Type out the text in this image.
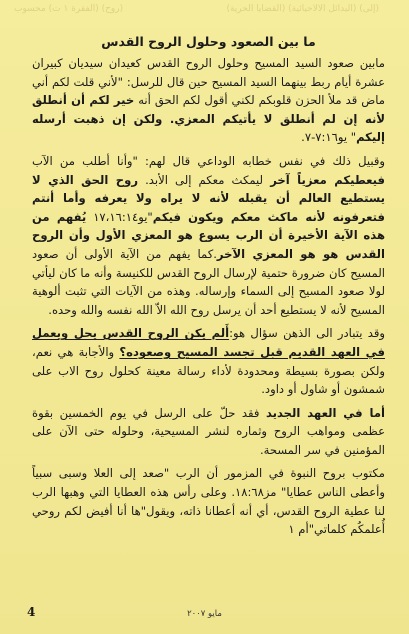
(روح) (الفقرة ١ ت) محسوب	(إلى) (البدائل الالاحيائية) (القضايا الحرية)
ما بين الصعود وحلول الروح القدس

مابين صعود السيد المسيح وحلول الروح القدس كعيدان سيديان كبيران عشرة أيام ربط بينهما السيد المسيح حين قال للرسل: "لأني قلت لكم أني ماض قد ملأ الحزن قلوبكم لكني أقول لكم الحق أنه خير لكم أن أنطلق لأنه إن لم أنطلق لا يأتيكم المعزي. ولكن إن ذهبت أرسله إليكم" يو٧:١٦-٧.

وقبيل ذلك في نفس خطابه الوداعي قال لهم: "وأنا أطلب من الآب فيعطيكم معزياً آخر ليمكث معكم إلى الأبد. روح الحق الذي لا يستطيع العالم أن يقبله لأنه لا يراه ولا يعرفه وأما أنتم فتعرفونه لأنه ماكث معكم ويكون فيكم"يو١٧،١٦:١٤ يُفهم من هذه الآية الأخيرة أن الرب يسوع هو المعزي الأول وأن الروح القدس هو هو المعزي الآخر.كما يفهم من الآية الأولى أن صعود المسيح كان ضرورة حتمية لإرسال الروح القدس للكنيسة وأنه ما كان ليأتي لولا صعود المسيح إلى السماء وإرساله. وهذه من الآيات التي تثبت ألوهية المسيح لأنه لا يستطيع أحد أن يرسل روح الله الاّ الله نفسه والله وحده.

وقد يتبادر الى الذهن سؤال هو:أَلم يكن الروح القدس يحل ويعمل في العهد القديم قبل تجسد المسيح وصعوده؟ والأجابة هي نعم، ولكن بصورة بسيطة ومحدودة لأداء رسالة معينة كحلول روح الاب على شمشون أو شاول أو داود.

أما في العهد الجديد فقد حلّ على الرسل في يوم الخمسين بقوة عظمى ومواهب الروح وثماره لنشر المسيحية، وحلوله حتى الآن على المؤمنين في سر المسحة.

مكتوب بروح النبوة في المزمور أن الرب "صعد إلى العلا وسبى سبياً وأعطى الناس عطايا" مز١٨:٦٨. وعلى رأس هذه العطايا التي وهبها الرب لنا عطية الروح القدس، أي أنه أعطانا ذاته، ويقول"ها أنا أفيض لكم روحي أُعلمكُم كلماتي"أم ١

4	مايو ٢٠٠٧
